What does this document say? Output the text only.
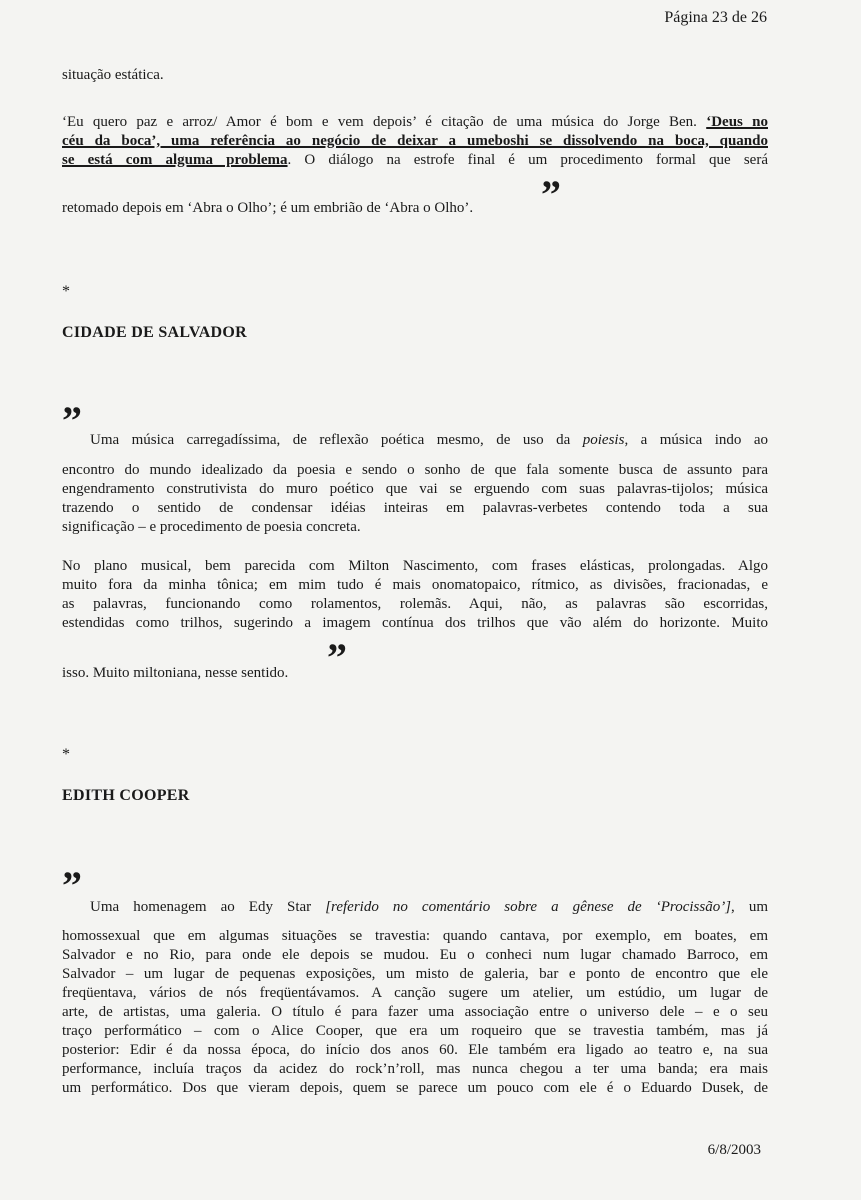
Página 23 de 26
situação estática.
‘Eu quero paz e arroz/ Amor é bom e vem depois’ é citação de uma música do Jorge Ben. ‘Deus no
céu da boca’, uma referência ao negócio de deixar a umeboshi se dissolvendo na boca, quando
se está com alguma problema. O diálogo na estrofe final é um procedimento formal que será
”
retomado depois em ‘Abra o Olho’; é um embrião de ‘Abra o Olho’.
*
CIDADE DE SALVADOR
” Uma música carregadíssima, de reflexão poética mesmo, de uso da poiesis, a música indo ao
encontro do mundo idealizado da poesia e sendo o sonho de que fala somente busca de assunto para
engendramento construtivista do muro poético que vai se erguendo com suas palavras-tijolos; música
trazendo o sentido de condensar idéias inteiras em palavras-verbetes contendo toda a sua
significação – e procedimento de poesia concreta.
No plano musical, bem parecida com Milton Nascimento, com frases elásticas, prolongadas. Algo
muito fora da minha tônica; em mim tudo é mais onomatopaico, rítmico, as divisões, fracionadas, e
as palavras, funcionando como rolamentos, rolemãs. Aqui, não, as palavras são escorridas,
estendidas como trilhos, sugerindo a imagem contínua dos trilhos que vão além do horizonte. Muito
”
isso. Muito miltoniana, nesse sentido.
*
EDITH COOPER
” Uma homenagem ao Edy Star [referido no comentário sobre a gênese de ‘Procissão’], um
homossexual que em algumas situações se travestia: quando cantava, por exemplo, em boates, em
Salvador e no Rio, para onde ele depois se mudou. Eu o conheci num lugar chamado Barroco, em
Salvador – um lugar de pequenas exposições, um misto de galeria, bar e ponto de encontro que ele
freqüentava, vários de nós freqüentávamos. A canção sugere um atelier, um estúdio, um lugar de
arte, de artistas, uma galeria. O título é para fazer uma associação entre o universo dele – e o seu
traço performático – com o Alice Cooper, que era um roqueiro que se travestia também, mas já
posterior: Edir é da nossa época, do início dos anos 60. Ele também era ligado ao teatro e, na sua
performance, incluía traços da acidez do rock’n’roll, mas nunca chegou a ter uma banda; era mais
um performático. Dos que vieram depois, quem se parece um pouco com ele é o Eduardo Dusek, de
6/8/2003
